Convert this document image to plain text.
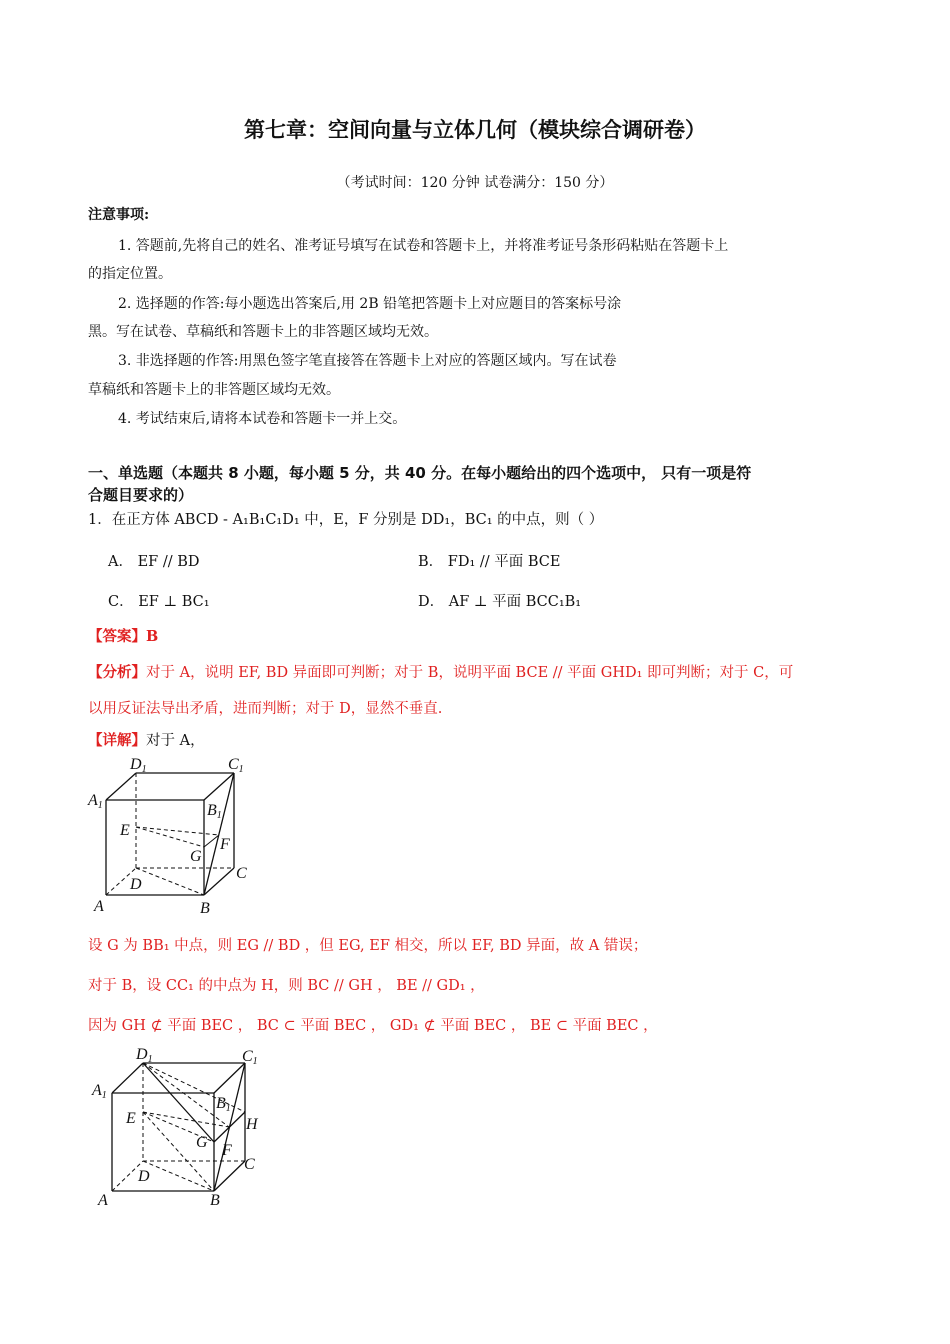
第七章：空间向量与立体几何（模块综合调研卷）
（考试时间：120 分钟 试卷满分：150 分）
注意事项:
1. 答题前,先将自己的姓名、准考证号填写在试卷和答题卡上，并将准考证号条形码粘贴在答题卡上
的指定位置。
2. 选择题的作答:每小题选出答案后,用 2B 铅笔把答题卡上对应题目的答案标号涂
黑。写在试卷、草稿纸和答题卡上的非答题区域均无效。
3. 非选择题的作答:用黑色签字笔直接答在答题卡上对应的答题区域内。写在试卷
草稿纸和答题卡上的非答题区域均无效。
4. 考试结束后,请将本试卷和答题卡一并上交。
一、单选题（本题共 8 小题，每小题 5 分，共 40 分。在每小题给出的四个选项中， 只有一项是符
合题目要求的）
1．在正方体 ABCD - A₁B₁C₁D₁ 中，E，F 分别是 DD₁，BC₁ 的中点，则（ ）
A． EF // BD	B． FD₁ // 平面 BCE
C． EF ⊥ BC₁	D． AF ⊥ 平面 BCC₁B₁
【答案】B
【分析】对于 A，说明 EF, BD 异面即可判断；对于 B，说明平面 BCE // 平面 GHD₁ 即可判断；对于 C，可
以用反证法导出矛盾，进而判断；对于 D，显然不垂直.
【详解】对于 A，
D1	C1
A1	B1
E
G
F
D
C
A	B
设 G 为 BB₁ 中点，则 EG // BD ，但 EG, EF 相交，所以 EF, BD 异面，故 A 错误；
对于 B，设 CC₁ 的中点为 H，则 BC // GH ， BE // GD₁ ，
因为 GH ⊄ 平面 BEC ， BC ⊂ 平面 BEC ， GD₁ ⊄ 平面 BEC ， BE ⊂ 平面 BEC ，
D1	C1
A1	B1
H
E
G F
D
C
A	B
